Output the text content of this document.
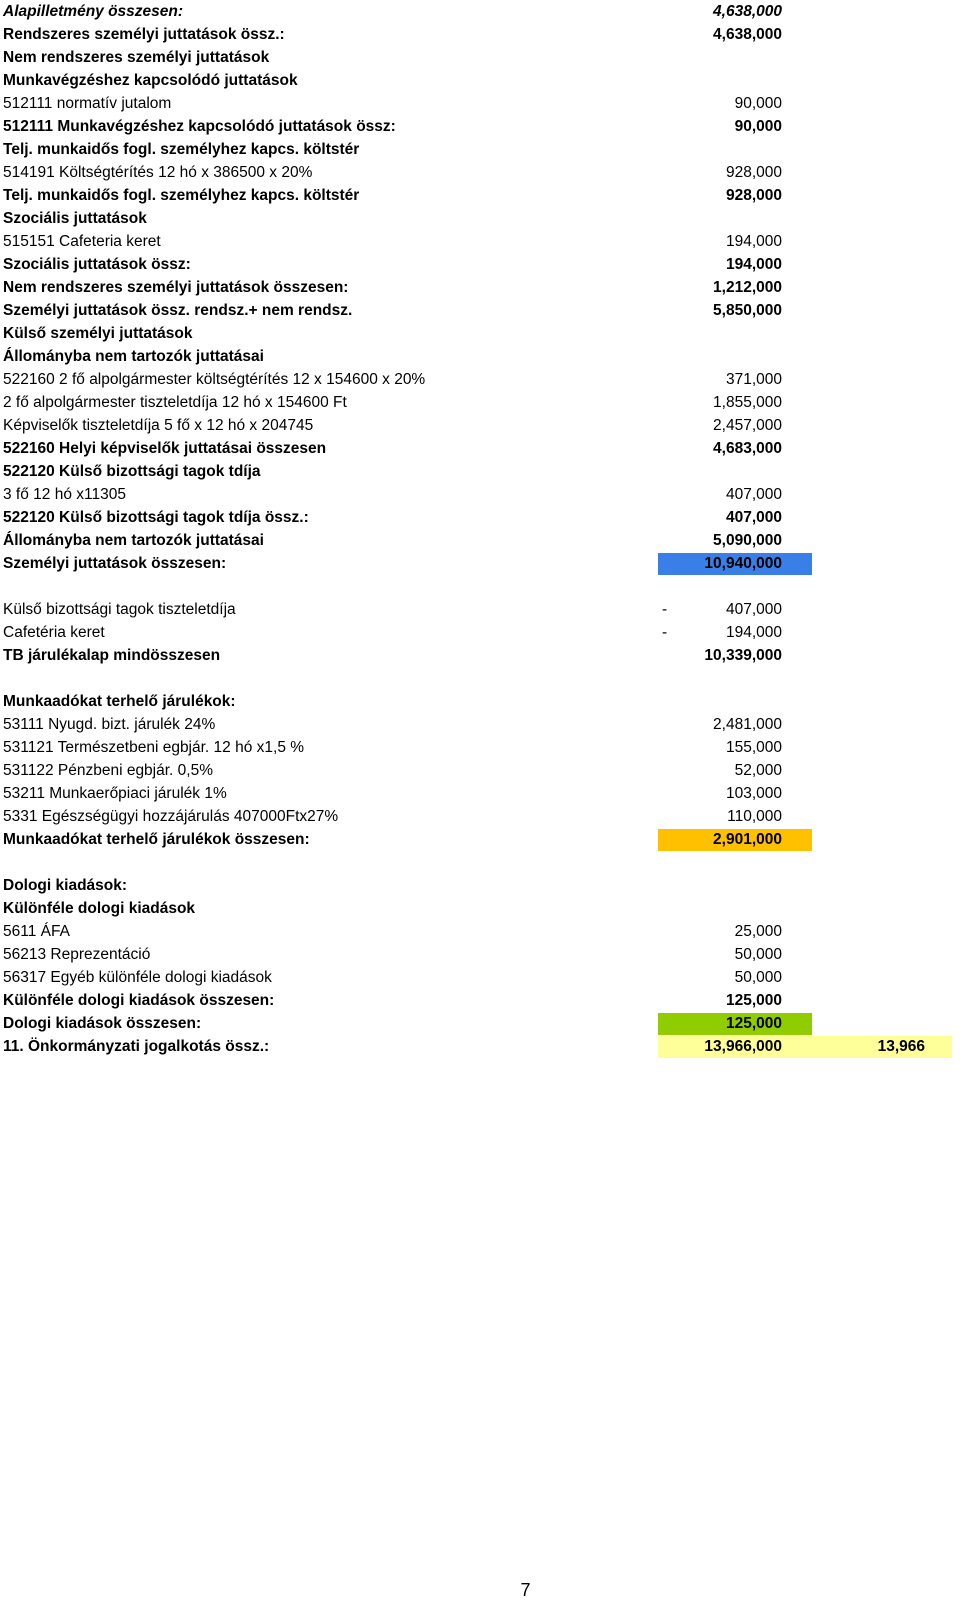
Alapilletmény összesen:	4,638,000
Rendszeres személyi juttatások össz.:	4,638,000
Nem rendszeres személyi juttatások
Munkavégzéshez kapcsolódó juttatások
512111 normatív jutalom	90,000
512111 Munkavégzéshez kapcsolódó juttatások össz:	90,000
Telj. munkaidős fogl. személyhez kapcs. költstér
514191 Költségtérítés 12 hó x 386500 x 20%	928,000
Telj. munkaidős fogl. személyhez kapcs. költstér	928,000
Szociális juttatások
515151 Cafeteria keret	194,000
Szociális juttatások össz:	194,000
Nem rendszeres személyi juttatások összesen:	1,212,000
Személyi juttatások össz. rendsz.+ nem rendsz.	5,850,000
Külső személyi juttatások
Állományba nem tartozók juttatásai
522160 2 fő alpolgármester költségtérítés 12 x 154600 x 20%	371,000
2 fő alpolgármester tiszteletdíja 12 hó x 154600 Ft	1,855,000
Képviselők tiszteletdíja 5 fő x 12 hó x 204745	2,457,000
522160 Helyi képviselők juttatásai összesen	4,683,000
522120 Külső bizottsági tagok tdíja
3 fő 12 hó x11305	407,000
522120 Külső bizottsági tagok tdíja össz.:	407,000
Állományba nem tartozók juttatásai	5,090,000
Személyi juttatások összesen:	10,940,000
Külső bizottsági tagok tiszteletdíja	-	407,000
Cafetéria keret	-	194,000
TB járulékalap mindösszesen	10,339,000
Munkaadókat terhelő járulékok:
53111 Nyugd. bizt. járulék 24%	2,481,000
531121 Természetbeni egbjár. 12 hó x1,5 %	155,000
531122 Pénzbeni egbjár. 0,5%	52,000
53211 Munkaerőpiaci járulék 1%	103,000
5331 Egészségügyi hozzájárulás 407000Ftx27%	110,000
Munkaadókat terhelő járulékok összesen:	2,901,000
Dologi kiadások:
Különféle dologi kiadások
5611 ÁFA	25,000
56213 Reprezentáció	50,000
56317 Egyéb különféle dologi kiadások	50,000
Különféle dologi kiadások összesen:	125,000
Dologi kiadások összesen:	125,000
11. Önkormányzati jogalkotás össz.:	13,966,000	13,966
7
